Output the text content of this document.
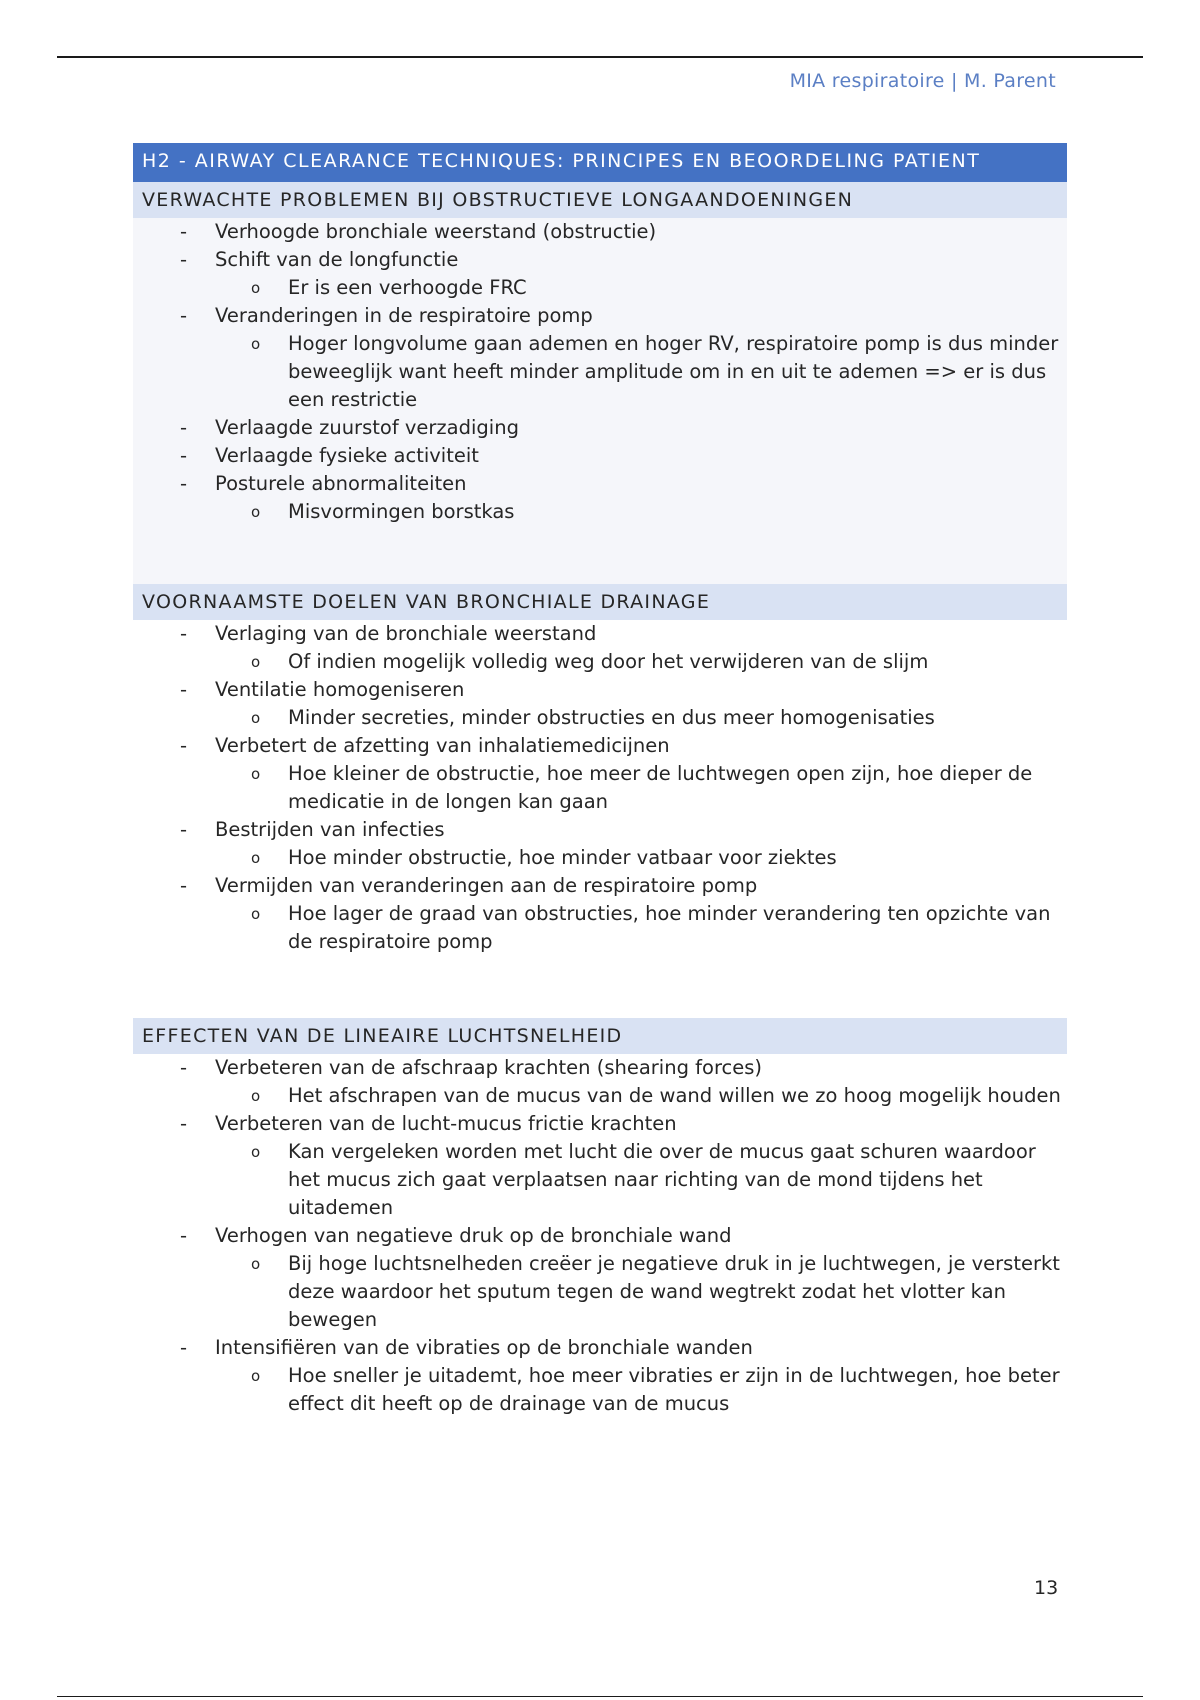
MIA respiratoire | M. Parent
H2 - AIRWAY CLEARANCE TECHNIQUES: PRINCIPES EN BEOORDELING PATIENT
VERWACHTE PROBLEMEN BIJ OBSTRUCTIEVE LONGAANDOENINGEN
- Verhoogde bronchiale weerstand (obstructie)
- Schift van de longfunctie
o Er is een verhoogde FRC
- Veranderingen in de respiratoire pomp
o Hoger longvolume gaan ademen en hoger RV, respiratoire pomp is dus minder beweeglijk want heeft minder amplitude om in en uit te ademen => er is dus een restrictie
- Verlaagde zuurstof verzadiging
- Verlaagde fysieke activiteit
- Posturele abnormaliteiten
o Misvormingen borstkas
VOORNAAMSTE DOELEN VAN BRONCHIALE DRAINAGE
- Verlaging van de bronchiale weerstand
o Of indien mogelijk volledig weg door het verwijderen van de slijm
- Ventilatie homogeniseren
o Minder secreties, minder obstructies en dus meer homogenisaties
- Verbetert de afzetting van inhalatiemedicijnen
o Hoe kleiner de obstructie, hoe meer de luchtwegen open zijn, hoe dieper de medicatie in de longen kan gaan
- Bestrijden van infecties
o Hoe minder obstructie, hoe minder vatbaar voor ziektes
- Vermijden van veranderingen aan de respiratoire pomp
o Hoe lager de graad van obstructies, hoe minder verandering ten opzichte van de respiratoire pomp
EFFECTEN VAN DE LINEAIRE LUCHTSNELHEID
- Verbeteren van de afschraap krachten (shearing forces)
o Het afschrapen van de mucus van de wand willen we zo hoog mogelijk houden
- Verbeteren van de lucht-mucus frictie krachten
o Kan vergeleken worden met lucht die over de mucus gaat schuren waardoor het mucus zich gaat verplaatsen naar richting van de mond tijdens het uitademen
- Verhogen van negatieve druk op de bronchiale wand
o Bij hoge luchtsnelheden creëer je negatieve druk in je luchtwegen, je versterkt deze waardoor het sputum tegen de wand wegtrekt zodat het vlotter kan bewegen
- Intensifiëren van de vibraties op de bronchiale wanden
o Hoe sneller je uitademt, hoe meer vibraties er zijn in de luchtwegen, hoe beter effect dit heeft op de drainage van de mucus
13
